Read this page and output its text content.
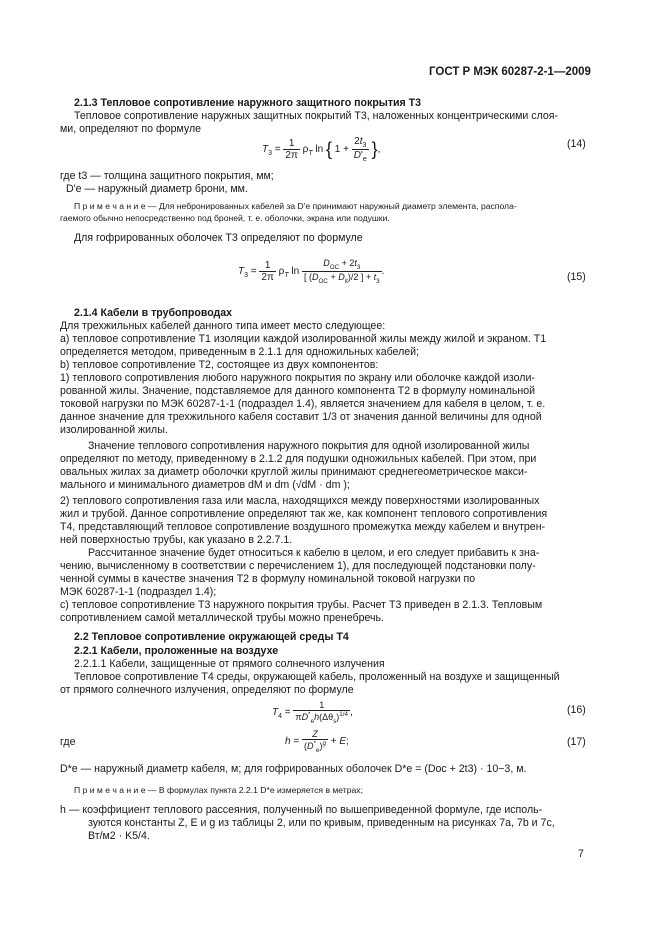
ГОСТ Р МЭК 60287-2-1—2009
2.1.3 Тепловое сопротивление наружного защитного покрытия T3
Тепловое сопротивление наружных защитных покрытий T3, наложенных концентрическими слоя-
ми, определяют по формуле
$T_3 = \frac{1}{2\pi} \rho_T$ ln { $1 + \frac{2t_3}{D'_e}$ },	(14)
где t3 — толщина защитного покрытия, мм;
D'e — наружный диаметр брони, мм.
П р и м е ч а н и е — Для небронированных кабелей за D'e принимают наружный диаметр элемента, распола-
гаемого обычно непосредственно под броней, т. е. оболочки, экрана или подушки.
Для гофрированных оболочек T3 определяют по формуле
$T_3 = \frac{1}{2\pi} \rho_T$ $\ln \frac{D_{OC} + 2t_3}{[ (D_{OC} + D_{it})/2 ] + t_3}$ .	(15)
2.1.4 Кабели в трубопроводах
Для трехжильных кабелей данного типа имеет место следующее:
a) тепловое сопротивление T1 изоляции каждой изолированной жилы между жилой и экраном. T1
определяется методом, приведенным в 2.1.1 для одножильных кабелей;
b) тепловое сопротивление T2, состоящее из двух компонентов:
1) теплового сопротивления любого наружного покрытия по экрану или оболочке каждой изоли-
рованной жилы. Значение, подставляемое для данного компонента T2 в формулу номинальной
токовой нагрузки по МЭК 60287-1-1 (подраздел 1.4), является значением для кабеля в целом, т. е.
данное значение для трехжильного кабеля составит 1/3 от значения данной величины для одной
изолированной жилы.
Значение теплового сопротивления наружного покрытия для одной изолированной жилы
определяют по методу, приведенному в 2.1.2 для подушки одножильных кабелей. При этом, при
овальных жилах за диаметр оболочки круглой жилы принимают среднегеометрическое макси-
мального и минимального диаметров dM и dm (√dM · dm );
2) теплового сопротивления газа или масла, находящихся между поверхностями изолированных
жил и трубой. Данное сопротивление определяют так же, как компонент теплового сопротивления
T4, представляющий тепловое сопротивление воздушного промежутка между кабелем и внутрен-
ней поверхностью трубы, как указано в 2.2.7.1.
Рассчитанное значение будет относиться к кабелю в целом, и его следует прибавить к зна-
чению, вычисленному в соответствии с перечислением 1), для последующей подстановки полу-
ченной суммы в качестве значения T2 в формулу номинальной токовой нагрузки по
МЭК 60287-1-1 (подраздел 1.4);
c) тепловое сопротивление T3 наружного покрытия трубы. Расчет T3 приведен в 2.1.3. Тепловым
сопротивлением самой металлической трубы можно пренебречь.
2.2 Тепловое сопротивление окружающей среды T4
2.2.1 Кабели, проложенные на воздухе
2.2.1.1 Кабели, защищенные от прямого солнечного излучения
Тепловое сопротивление T4 среды, окружающей кабель, проложенный на воздухе и защищенный
от прямого солнечного излучения, определяют по формуле
$T_4 = \frac{1}{\pi D^*_eh(\Delta\theta_s)^{1/4}}$ ,	(16)
где	$h = \frac{Z}{(D^*_e)^g} + E$;	(17)
D*e — наружный диаметр кабеля, м; для гофрированных оболочек D*e = (Doc + 2t3) · 10−3, м.
П р и м е ч а н и е — В формулах пункта 2.2.1 D*e измеряется в метрах;
h — коэффициент теплового рассеяния, полученный по вышеприведенной формуле, где исполь-
зуются константы Z, E и g из таблицы 2, или по кривым, приведенным на рисунках 7a, 7b и 7c,
Вт/м2 · K5/4.
7
